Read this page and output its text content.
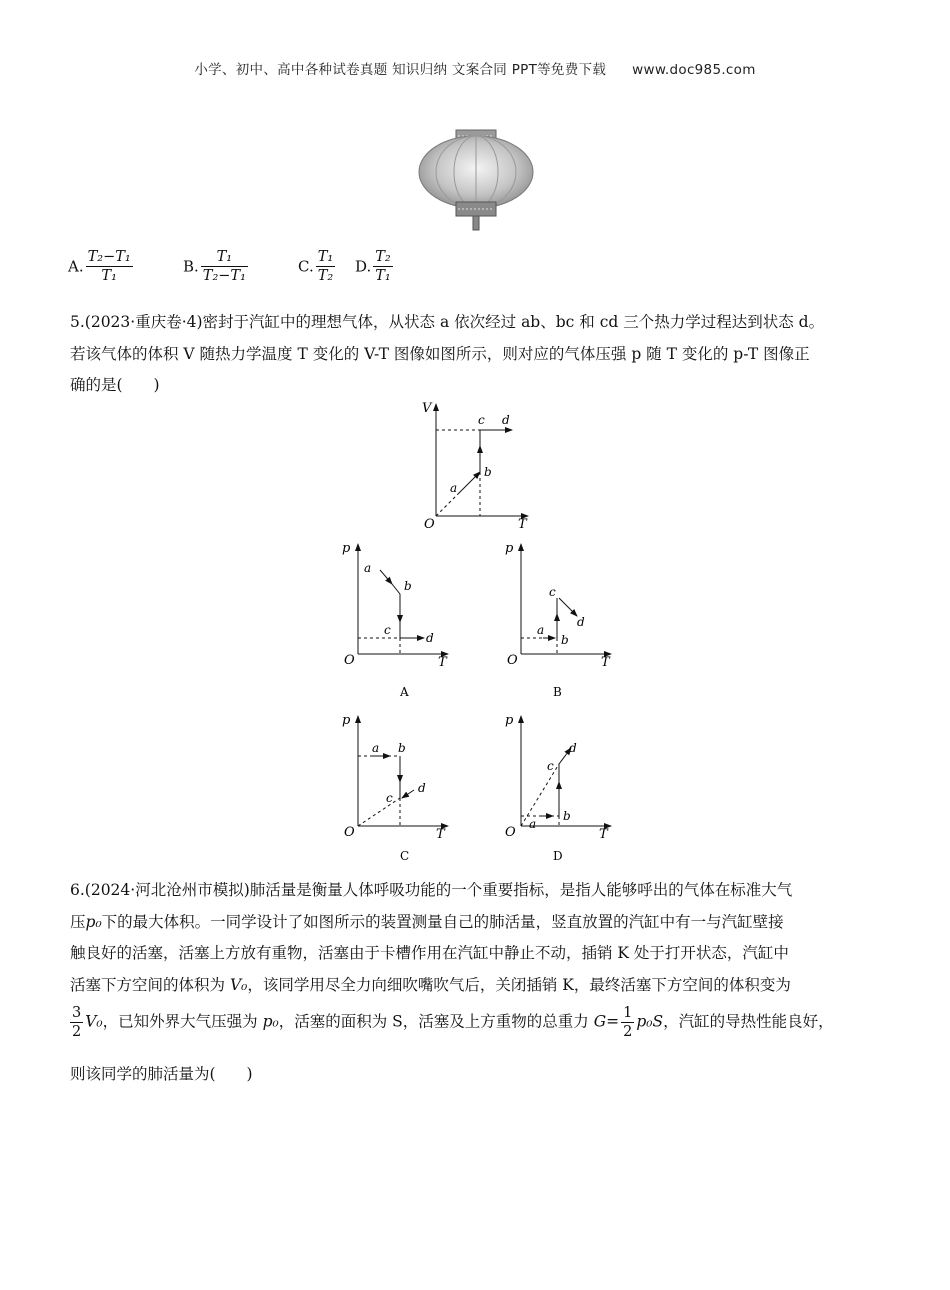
小学、初中、高中各种试卷真题 知识归纳 文案合同 PPT等免费下载 www.doc985.com
A. $\frac{\text{T₂−T₁}}{\text{T₁}}$	B. $\frac{\text{T₁}}{\text{T₂−T₁}}$	C. $\frac{\text{T₁}}{\text{T₂}} D$. $\frac{\text{T₂}}{\text{T₁}}$
5.(2023·重庆卷·4)密封于汽缸中的理想气体，从状态 a 依次经过 ab、bc 和 cd 三个热力学过程达到状态 d。
若该气体的体积 V 随热力学温度 T 变化的 V-T 图像如图所示，则对应的气体压强 p 随 T 变化的 p-T 图像正
确的是(　　)
V
T
O
a
b
c d
p
T
O
a
b
c
d
A
p
T
O
a
b
c
d
B
p
T
O
a b
c
d
C
p
T
O
a
b
c
d
D
6.(2024·河北沧州市模拟)肺活量是衡量人体呼吸功能的一个重要指标，是指人能够呼出的气体在标准大气
压p₀下的最大体积。一同学设计了如图所示的装置测量自己的肺活量，竖直放置的汽缸中有一与汽缸壁接
触良好的活塞，活塞上方放有重物，活塞由于卡槽作用在汽缸中静止不动，插销 K 处于打开状态，汽缸中
活塞下方空间的体积为 V₀，该同学用尽全力向细吹嘴吹气后，关闭插销 K，最终活塞下方空间的体积变为
$\frac{3}{2} V_0$，已知外界大气压强为 p₀，活塞的面积为 S，活塞及上方重物的总重力 $G= \frac{1}{2} p_0S$，汽缸的导热性能良好，
则该同学的肺活量为(　　)
